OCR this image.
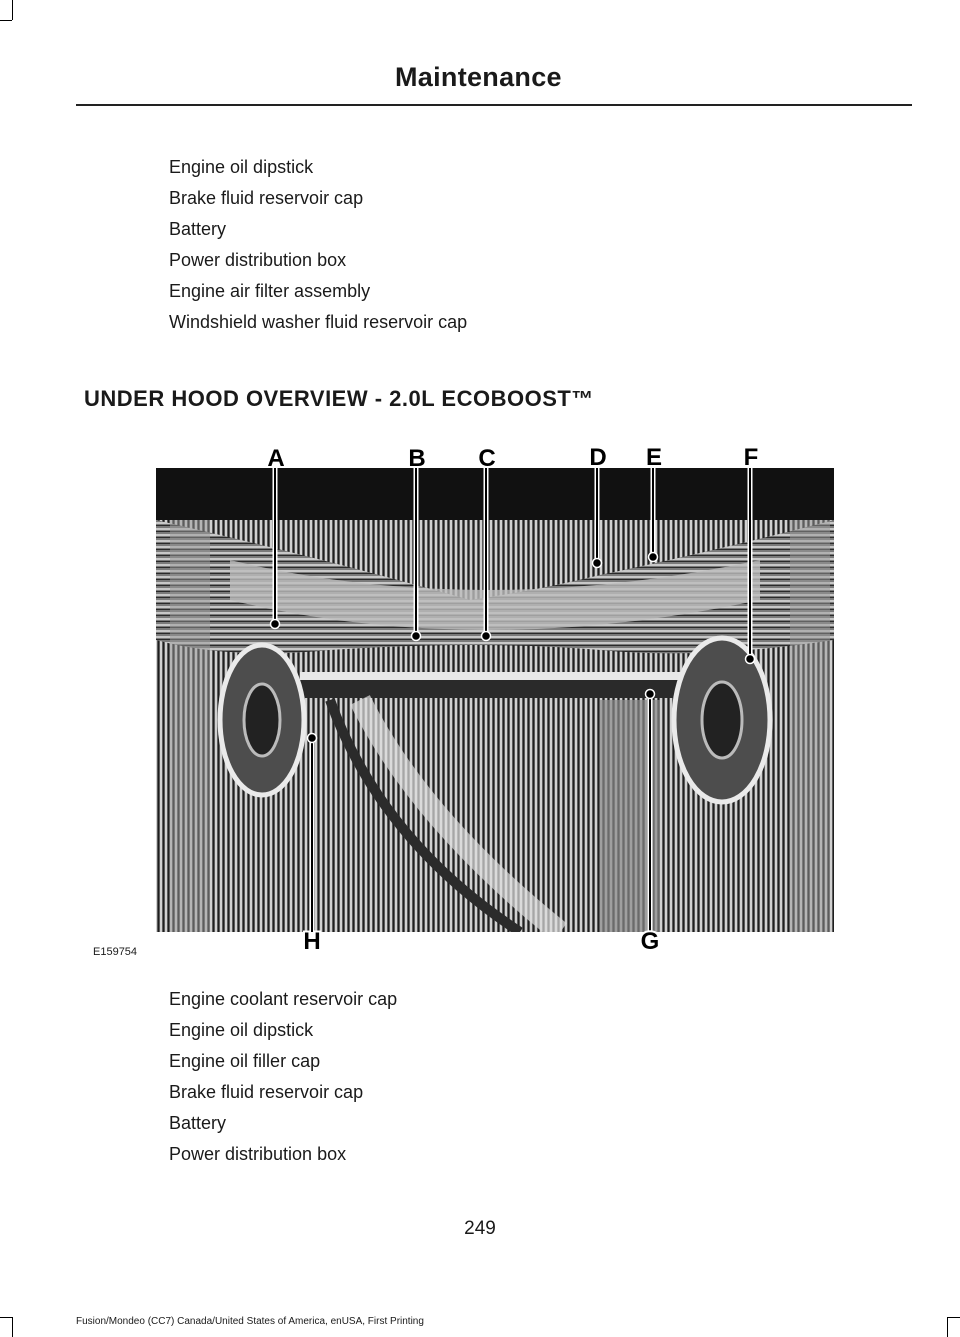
Maintenance
Engine oil dipstick
Brake fluid reservoir cap
Battery
Power distribution box
Engine air filter assembly
Windshield washer fluid reservoir cap
UNDER HOOD OVERVIEW - 2.0L ECOBOOST™
A	B C	D E	F
G
H
E159754
Engine coolant reservoir cap
Engine oil dipstick
Engine oil filler cap
Brake fluid reservoir cap
Battery
Power distribution box
249
Fusion/Mondeo (CC7) Canada/United States of America, enUSA, First Printing
